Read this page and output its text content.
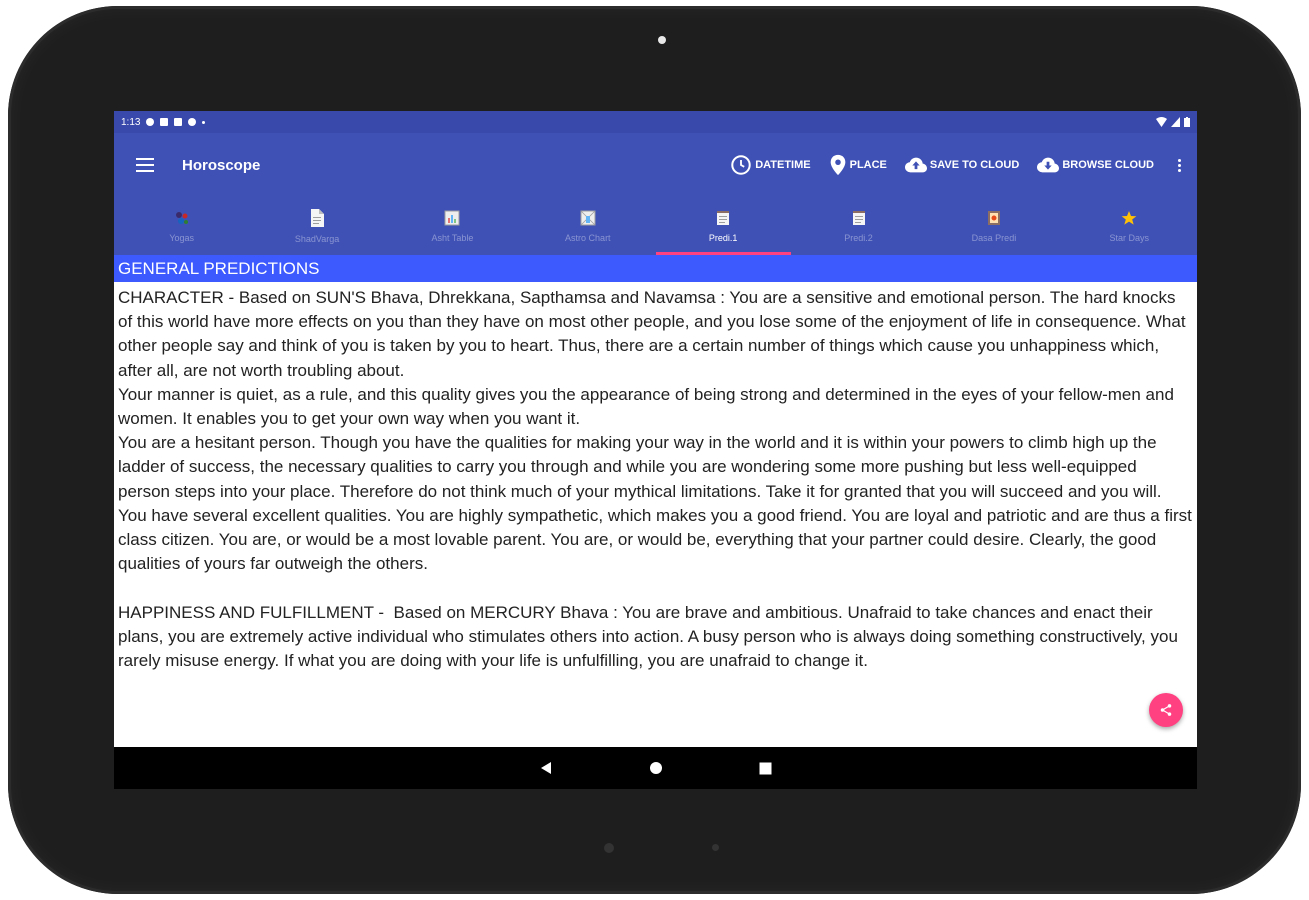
1:13
Horoscope	DATETIME	PLACE	SAVE TO CLOUD	BROWSE CLOUD
Yogas	ShadVarga	Asht Table	Astro Chart	Predi.1	Predi.2	Dasa Predi	Star Days
GENERAL PREDICTIONS
CHARACTER - Based on SUN'S Bhava, Dhrekkana, Sapthamsa and Navamsa : You are a sensitive and emotional person. The hard knocks of this world have more effects on you than they have on most other people, and you lose some of the enjoyment of life in consequence. What other people say and think of you is taken by you to heart. Thus, there are a certain number of things which cause you unhappiness which, after all, are not worth troubling about.
Your manner is quiet, as a rule, and this quality gives you the appearance of being strong and determined in the eyes of your fellow-men and women. It enables you to get your own way when you want it.
You are a hesitant person. Though you have the qualities for making your way in the world and it is within your powers to climb high up the ladder of success, the necessary qualities to carry you through and while you are wondering some more pushing but less well-equipped person steps into your place. Therefore do not think much of your mythical limitations. Take it for granted that you will succeed and you will.
You have several excellent qualities. You are highly sympathetic, which makes you a good friend. You are loyal and patriotic and are thus a first class citizen. You are, or would be a most lovable parent. You are, or would be, everything that your partner could desire. Clearly, the good qualities of yours far outweigh the others.

HAPPINESS AND FULFILLMENT -  Based on MERCURY Bhava : You are brave and ambitious. Unafraid to take chances and enact their plans, you are extremely active individual who stimulates others into action. A busy person who is always doing something constructively, you rarely misuse energy. If what you are doing with your life is unfulfilling, you are unafraid to change it.
